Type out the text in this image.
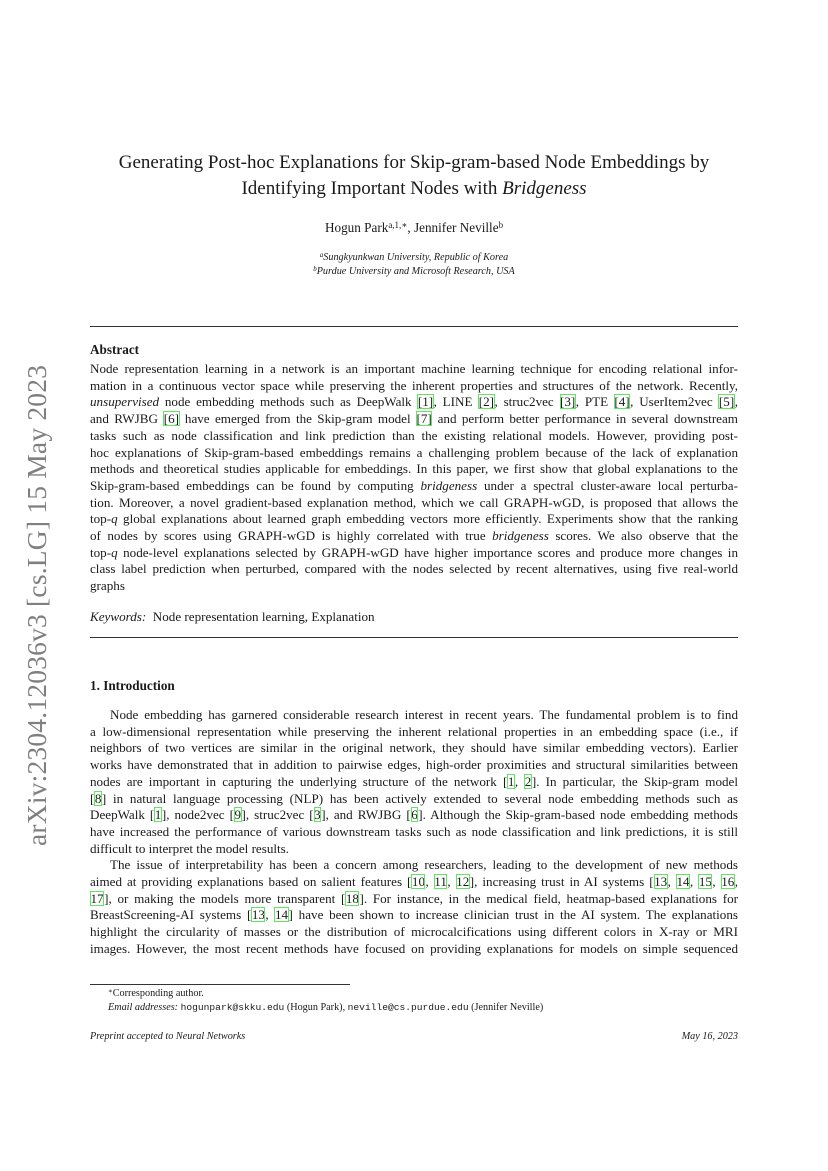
arXiv:2304.12036v3 [cs.LG] 15 May 2023
Generating Post-hoc Explanations for Skip-gram-based Node Embeddings by
Identifying Important Nodes with Bridgeness
Hogun Park$^{a,1,∗}$, Jennifer Neville$^b$
$^a$Sungkyunkwan University, Republic of Korea
$^b$Purdue University and Microsoft Research, USA
Abstract
Node representation learning in a network is an important machine learning technique for encoding relational infor-
mation in a continuous vector space while preserving the inherent properties and structures of the network. Recently,
unsupervised node embedding methods such as DeepWalk [1], LINE [2], struc2vec [3], PTE [4], UserItem2vec [5],
and RWJBG [6] have emerged from the Skip-gram model [7] and perform better performance in several downstream
tasks such as node classification and link prediction than the existing relational models. However, providing post-
hoc explanations of Skip-gram-based embeddings remains a challenging problem because of the lack of explanation
methods and theoretical studies applicable for embeddings. In this paper, we first show that global explanations to the
Skip-gram-based embeddings can be found by computing bridgeness under a spectral cluster-aware local perturba-
tion. Moreover, a novel gradient-based explanation method, which we call GRAPH-wGD, is proposed that allows the
top-q global explanations about learned graph embedding vectors more efficiently. Experiments show that the ranking
of nodes by scores using GRAPH-wGD is highly correlated with true bridgeness scores. We also observe that the
top-q node-level explanations selected by GRAPH-wGD have higher importance scores and produce more changes in
class label prediction when perturbed, compared with the nodes selected by recent alternatives, using five real-world
graphs
Keywords: Node representation learning, Explanation
1. Introduction
Node embedding has garnered considerable research interest in recent years. The fundamental problem is to find
a low-dimensional representation while preserving the inherent relational properties in an embedding space (i.e., if
neighbors of two vertices are similar in the original network, they should have similar embedding vectors). Earlier
works have demonstrated that in addition to pairwise edges, high-order proximities and structural similarities between
nodes are important in capturing the underlying structure of the network [1, 2]. In particular, the Skip-gram model
[8] in natural language processing (NLP) has been actively extended to several node embedding methods such as
DeepWalk [1], node2vec [9], struc2vec [3], and RWJBG [6]. Although the Skip-gram-based node embedding methods
have increased the performance of various downstream tasks such as node classification and link predictions, it is still
difficult to interpret the model results.
The issue of interpretability has been a concern among researchers, leading to the development of new methods
aimed at providing explanations based on salient features [10, 11, 12], increasing trust in AI systems [13, 14, 15, 16,
17], or making the models more transparent [18]. For instance, in the medical field, heatmap-based explanations for
BreastScreening-AI systems [13, 14] have been shown to increase clinician trust in the AI system. The explanations
highlight the circularity of masses or the distribution of microcalcifications using different colors in X-ray or MRI
images. However, the most recent methods have focused on providing explanations for models on simple sequenced
∗Corresponding author.
Email addresses: hogunpark@skku.edu (Hogun Park), neville@cs.purdue.edu (Jennifer Neville)
Preprint accepted to Neural Networks	May 16, 2023
